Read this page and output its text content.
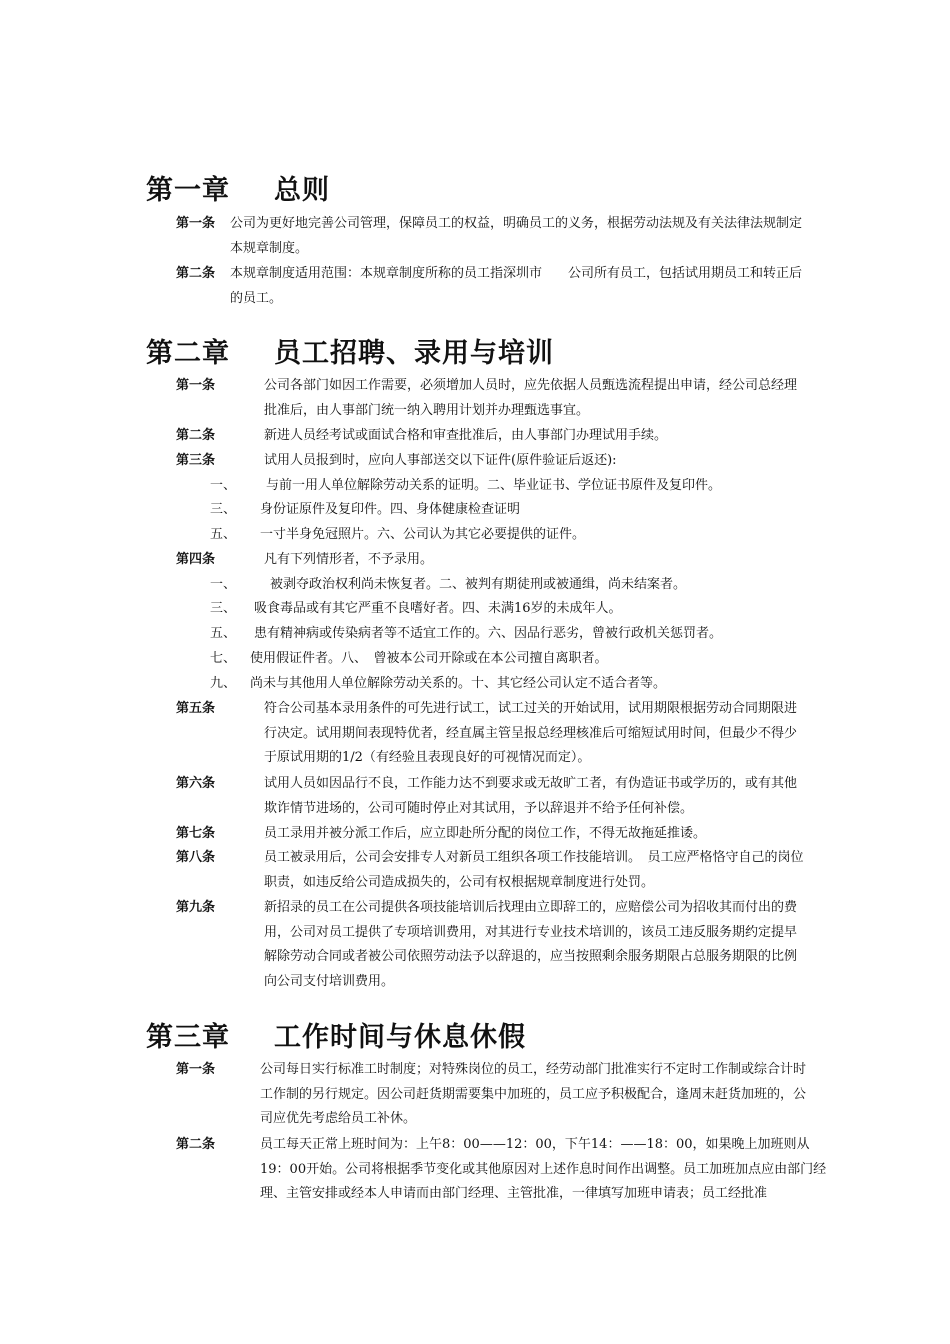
第一章 总则
第一条	公司为更好地完善公司管理，保障员工的权益，明确员工的义务，根据劳动法规及有关法律法规制定本规章制度。
第二条	本规章制度适用范围：本规章制度所称的员工指深圳市　　公司所有员工，包括试用期员工和转正后的员工。
第二章 员工招聘、录用与培训
第一条	公司各部门如因工作需要，必须增加人员时，应先依据人员甄选流程提出申请，经公司总经理批准后，由人事部门统一纳入聘用计划并办理甄选事宜。
第二条	新进人员经考试或面试合格和审查批准后，由人事部门办理试用手续。
第三条	试用人员报到时，应向人事部送交以下证件(原件验证后返还):
一、 与前一用人单位解除劳动关系的证明。二、毕业证书、学位证书原件及复印件。
三、 身份证原件及复印件。四、身体健康检查证明
五、 一寸半身免冠照片。六、公司认为其它必要提供的证件。
第四条	凡有下列情形者，不予录用。
一、	被剥夺政治权利尚未恢复者。二、被判有期徒刑或被通缉，尚未结案者。
三、 吸食毒品或有其它严重不良嗜好者。四、未满16岁的未成年人。
五、 患有精神病或传染病者等不适宜工作的。六、因品行恶劣，曾被行政机关惩罚者。
七、 使用假证件者。八、　曾被本公司开除或在本公司擅自离职者。
九、 尚未与其他用人单位解除劳动关系的。十、其它经公司认定不适合者等。
第五条	符合公司基本录用条件的可先进行试工，试工过关的开始试用，试用期限根据劳动合同期限进行决定。试用期间表现特优者，经直属主管呈报总经理核准后可缩短试用时间，但最少不得少于原试用期的1/2（有经验且表现良好的可视情况而定）。
第六条	试用人员如因品行不良，工作能力达不到要求或无故旷工者，有伪造证书或学历的，或有其他欺诈情节进场的，公司可随时停止对其试用，予以辞退并不给予任何补偿。
第七条	员工录用并被分派工作后，应立即赴所分配的岗位工作，不得无故拖延推诿。
第八条	员工被录用后，公司会安排专人对新员工组织各项工作技能培训。　员工应严格恪守自己的岗位职责，如违反给公司造成损失的，公司有权根据规章制度进行处罚。
第九条	新招录的员工在公司提供各项技能培训后找理由立即辞工的，应赔偿公司为招收其而付出的费用，公司对员工提供了专项培训费用，对其进行专业技术培训的，该员工违反服务期约定提早解除劳动合同或者被公司依照劳动法予以辞退的，应当按照剩余服务期限占总服务期限的比例向公司支付培训费用。
第三章 工作时间与休息休假
第一条	公司每日实行标准工时制度；对特殊岗位的员工，经劳动部门批准实行不定时工作制或综合计时工作制的另行规定。因公司赶货期需要集中加班的，员工应予积极配合，逢周末赶货加班的，公司应优先考虑给员工补休。
第二条	员工每天正常上班时间为：上午8：00——12：00，下午14：——18：00，如果晚上加班则从19：00开始。公司将根据季节变化或其他原因对上述作息时间作出调整。员工加班加点应由部门经理、主管安排或经本人申请而由部门经理、主管批准，一律填写加班申请表；员工经批准
